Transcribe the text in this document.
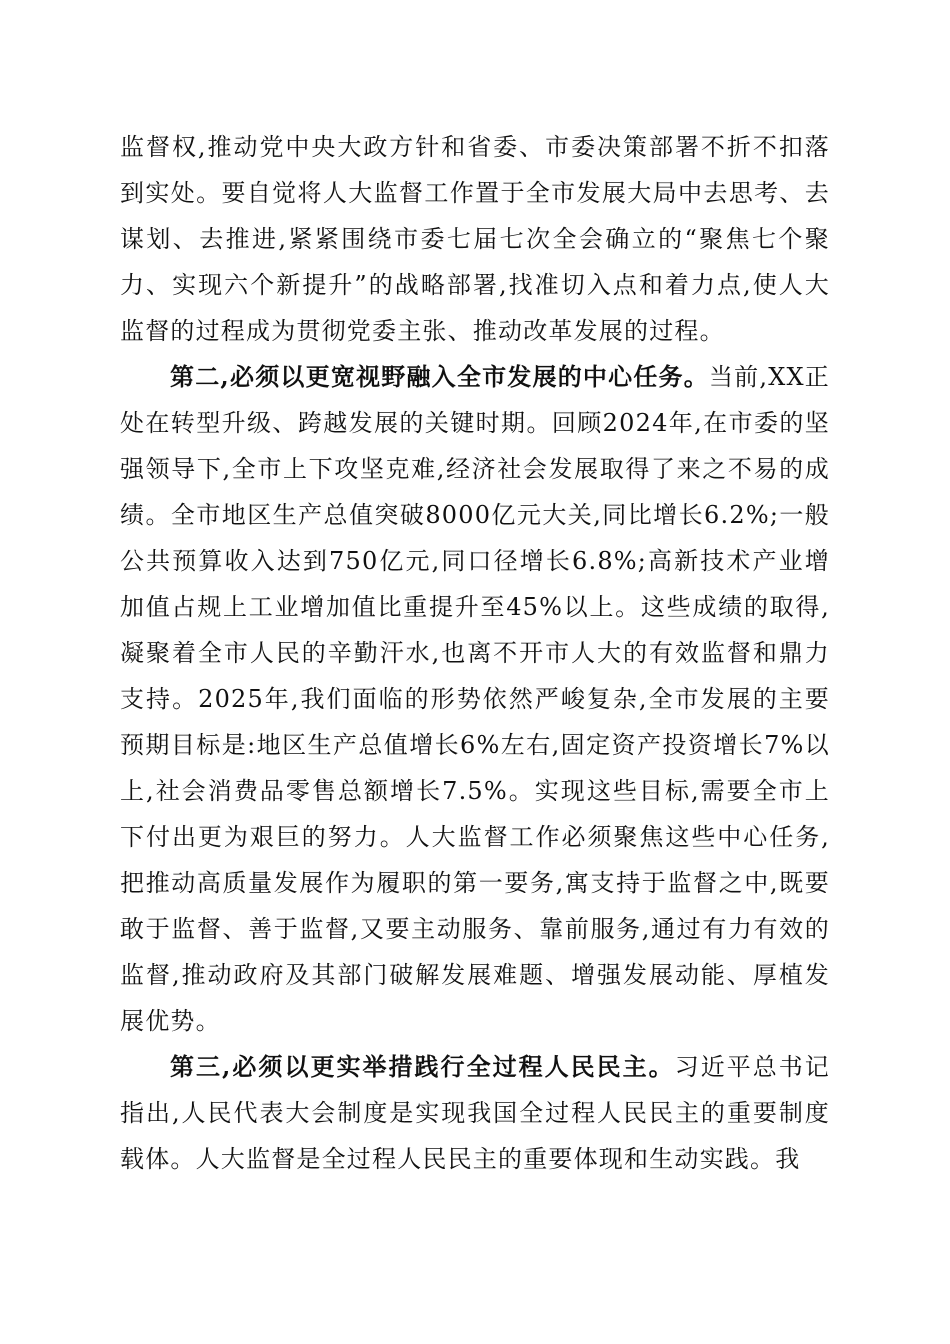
监督权,推动党中央大政方针和省委、市委决策部署不折不扣落到实处。要自觉将人大监督工作置于全市发展大局中去思考、去谋划、去推进,紧紧围绕市委七届七次全会确立的“聚焦七个聚力、实现六个新提升”的战略部署,找准切入点和着力点,使人大监督的过程成为贯彻党委主张、推动改革发展的过程。

第二,必须以更宽视野融入全市发展的中心任务。当前,XX正处在转型升级、跨越发展的关键时期。回顾2024年,在市委的坚强领导下,全市上下攻坚克难,经济社会发展取得了来之不易的成绩。全市地区生产总值突破8000亿元大关,同比增长6.2%;一般公共预算收入达到750亿元,同口径增长6.8%;高新技术产业增加值占规上工业增加值比重提升至45%以上。这些成绩的取得,凝聚着全市人民的辛勤汗水,也离不开市人大的有效监督和鼎力支持。2025年,我们面临的形势依然严峻复杂,全市发展的主要预期目标是:地区生产总值增长6%左右,固定资产投资增长7%以上,社会消费品零售总额增长7.5%。实现这些目标,需要全市上下付出更为艰巨的努力。人大监督工作必须聚焦这些中心任务,把推动高质量发展作为履职的第一要务,寓支持于监督之中,既要敢于监督、善于监督,又要主动服务、靠前服务,通过有力有效的监督,推动政府及其部门破解发展难题、增强发展动能、厚植发展优势。

第三,必须以更实举措践行全过程人民民主。习近平总书记指出,人民代表大会制度是实现我国全过程人民民主的重要制度载体。人大监督是全过程人民民主的重要体现和生动实践。我
